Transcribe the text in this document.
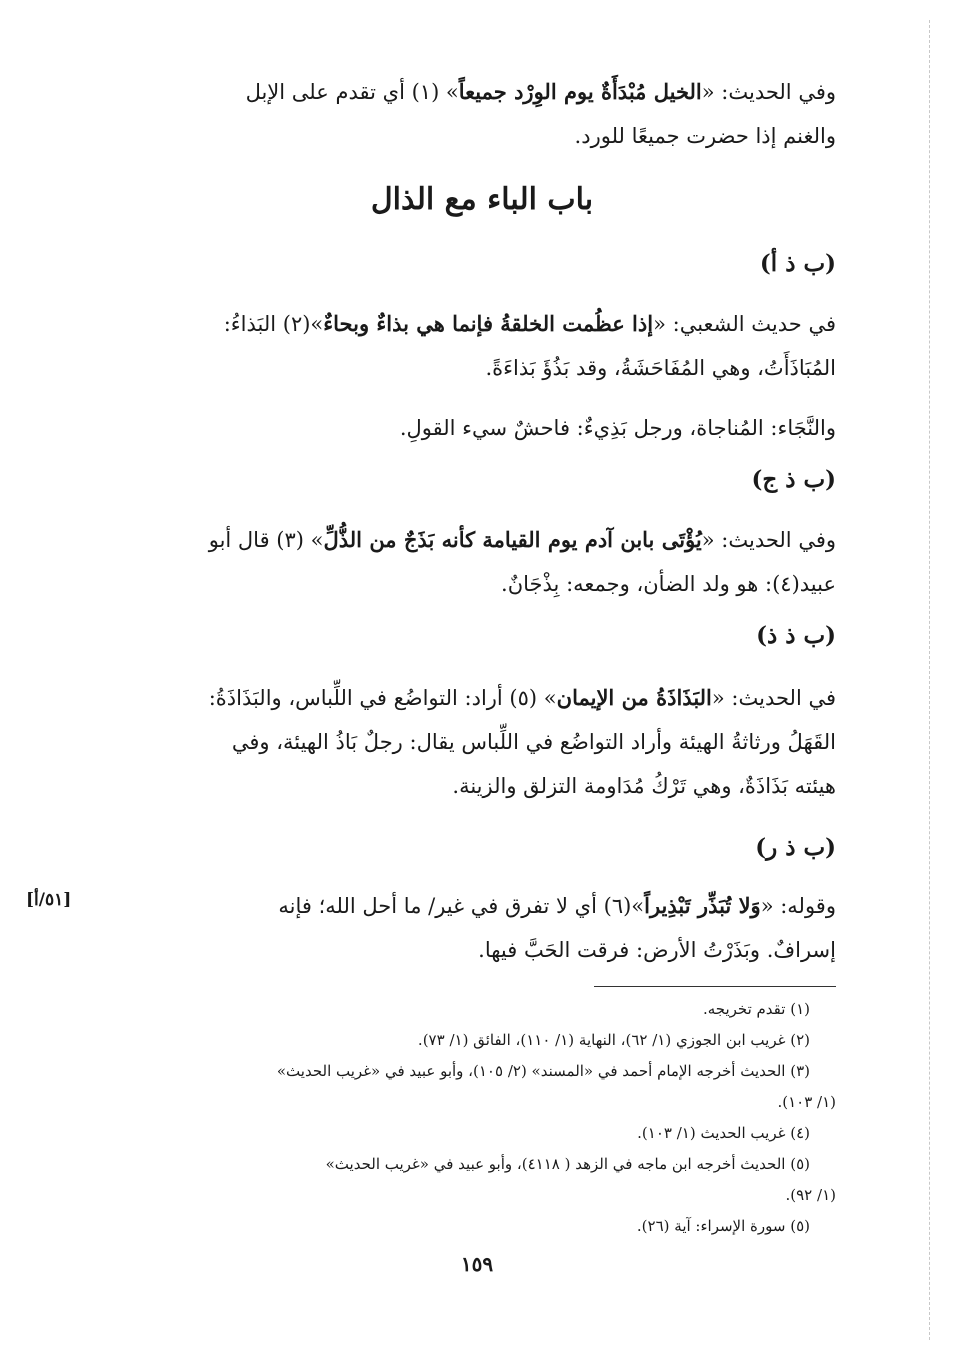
وفي الحديث: «الخيل مُبْدَأَةٌ يوم الوِرْد جميعاً» (١) أي تقدم على الإبل
والغنم إذا حضرت جميعًا للورد.
باب الباء مع الذال
(ب ذ أ)
في حديث الشعبي: «إذا عظُمت الخلقةُ فإنما هي بذاءٌ وبحاءٌ»(٢) البَذاءُ:
المُبَاذَأَتُ، وهي المُفَاحَشَةُ، وقد بَذُؤَ بَذاءَةً.
والنَّجَاء: المُناجاة، ورجل بَذِيءٌ: فاحشٌ سيء القولِ.
(ب ذ ج)
وفي الحديث: «يُؤْتَى بابن آدم يوم القيامة كأنه بَذَجٌ من الذُّلِّ» (٣) قال أبو
عبيد(٤): هو ولد الضأن، وجمعه: بِذْجَانٌ.
(ب ذ ذ)
في الحديث: «البَذَاذَةُ من الإيمان» (٥) أراد: التواضُع في اللِّباس، والبَذَاذَةُ:
القَهَلُ ورثاثةُ الهيئة وأراد التواضُع في اللِّباس يقال: رجلٌ بَاذُ الهيئة، وفي
هيئته بَذَاذَةٌ، وهي تَرْكُ مُدَاومة التزلق والزينة.
(ب ذ ر)
وقوله: «وَلا تُبَذِّر تَبْذِيراً»(٦) أي لا تفرق في غير/ ما أحل الله؛ فإنه
إسرافٌ. وبَذَرْتُ الأرض: فرقت الحَبَّ فيها.
[٥١/أ]
(١) تقدم تخريجه.
(٢) غريب ابن الجوزي (١/ ٦٢)، النهاية (١/ ١١٠)، الفائق (١/ ٧٣).
(٣) الحديث أخرجه الإمام أحمد في «المسند» (٢/ ١٠٥)، وأبو عبيد في «غريب الحديث»
(١/ ١٠٣).
(٤) غريب الحديث (١/ ١٠٣).
(٥) الحديث أخرجه ابن ماجه في الزهد ( ٤١١٨)، وأبو عبيد في «غريب الحديث»
(١/ ٩٢).
(٥) سورة الإسراء: آية (٢٦).
١٥٩
